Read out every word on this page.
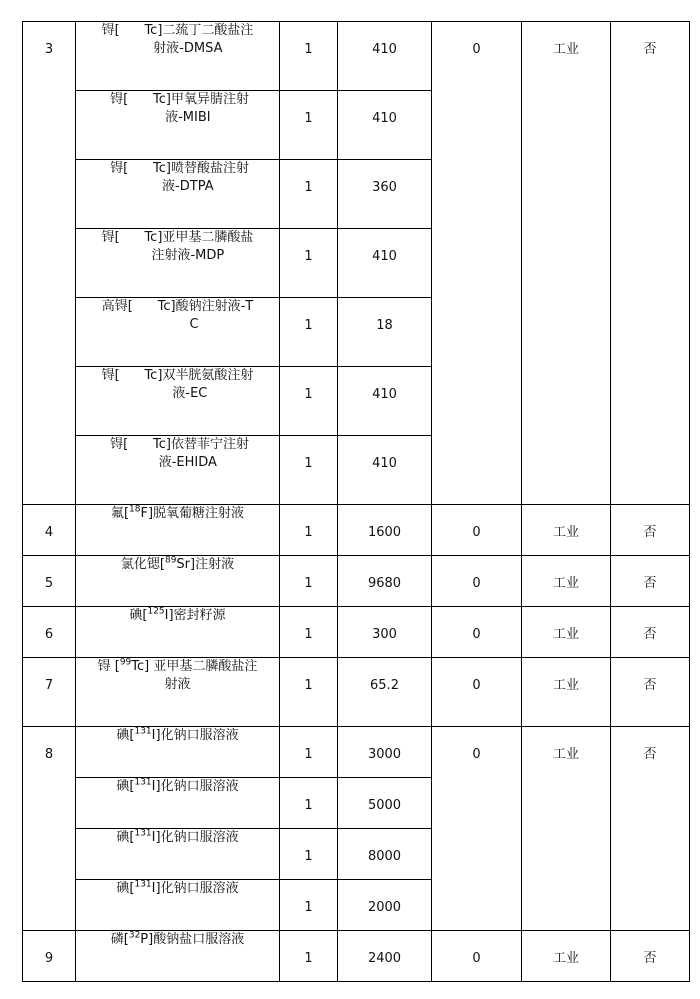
3	锝[      Tc]二巯丁二酸盐注
射液-DMSA	1	410	0	工业	否

	锝[      Tc]甲氧异腈注射
液-MIBI	1	410			

	锝[      Tc]喷替酸盐注射
液-DTPA	1	360			

	锝[      Tc]亚甲基二膦酸盐
注射液-MDP	1	410			

	高锝[      Tc]酸钠注射液-T
C	1	18			

	锝[      Tc]双半胱氨酸注射
液-EC	1	410			

	锝[      Tc]依替菲宁注射
液-EHIDA	1	410			
4	氟[$^{18}$F]脱氧葡糖注射液	1	1600	0	工业	否
5	氯化锶[$^{89}$Sr]注射液	1	9680	0	工业	否
6	碘[$^{125}$I]密封籽源	1	300	0	工业	否
7	锝 [$^{99}$Tc] 亚甲基二膦酸盐注
射液	1	65.2	0	工业	否
8	碘[$^{131}$I]化钠口服溶液	1	3000	0	工业	否
	碘[$^{131}$I]化钠口服溶液	1	5000			
	碘[$^{131}$I]化钠口服溶液	1	8000			
	碘[$^{131}$I]化钠口服溶液	1	2000			
9	磷[$^{32}$P]酸钠盐口服溶液	1	2400	0	工业	否
